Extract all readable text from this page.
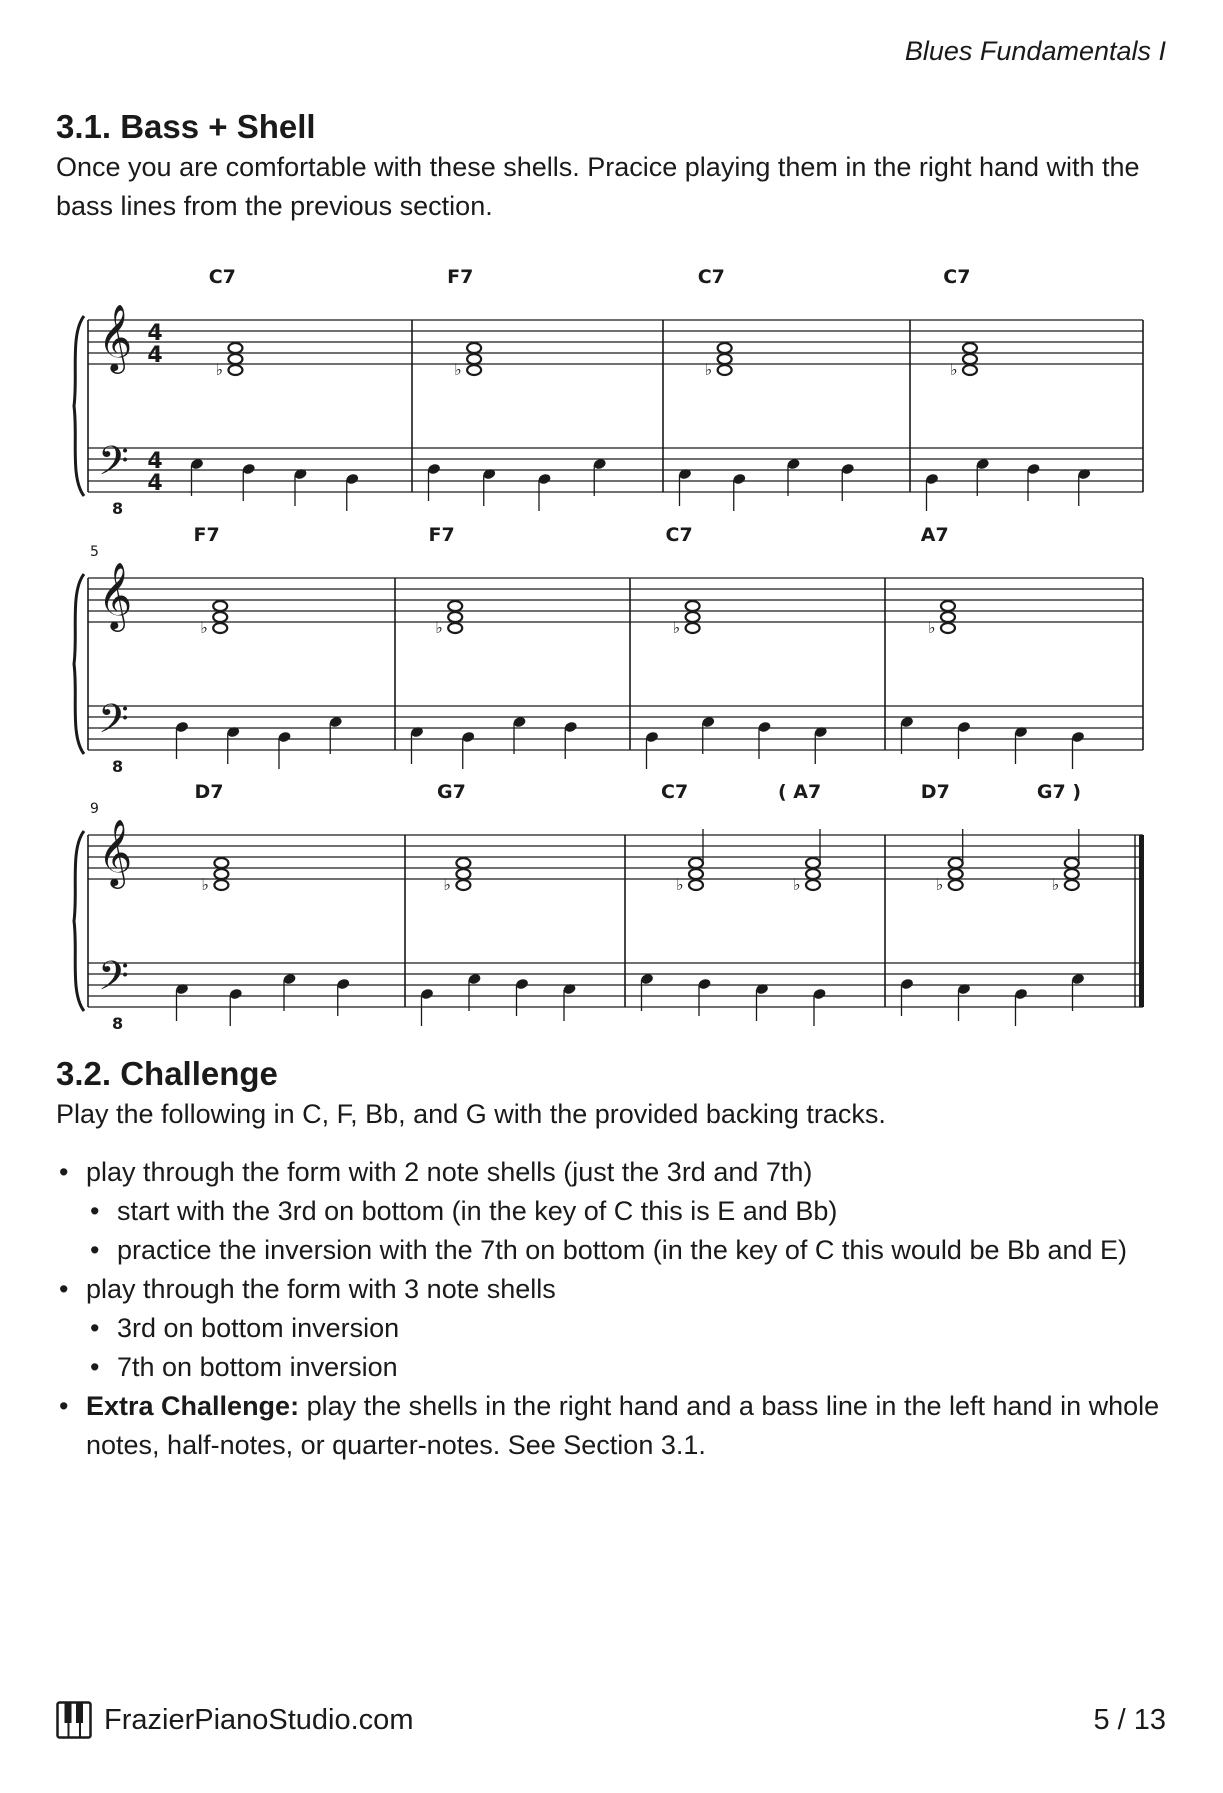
Blues Fundamentals I
3.1. Bass + Shell

Once you are comfortable with these shells. Pracice playing them in the right hand with the bass lines from the previous section.

𝄞
𝄢
8
4
4
4
4
C7	F7	C7	C7
♭	♭	♭	♭
𝄞
𝄢
8
5
F7	F7	C7	A7
♭	♭	♭	♭
𝄞
𝄢
8
9
D7	G7	C7	( A7	D7	G7 )
♭	♭	♭	♭	♭	♭
3.2. Challenge

Play the following in C, F, Bb, and G with the provided backing tracks.

• play through the form with 2 note shells (just the 3rd and 7th)
• start with the 3rd on bottom (in the key of C this is E and Bb)
• practice the inversion with the 7th on bottom (in the key of C this would be Bb and E)
• play through the form with 3 note shells
• 3rd on bottom inversion
• 7th on bottom inversion
• Extra Challenge: play the shells in the right hand and a bass line in the left hand in whole notes, half-notes, or quarter-notes. See Section 3.1.
FrazierPianoStudio.com	5 / 13
